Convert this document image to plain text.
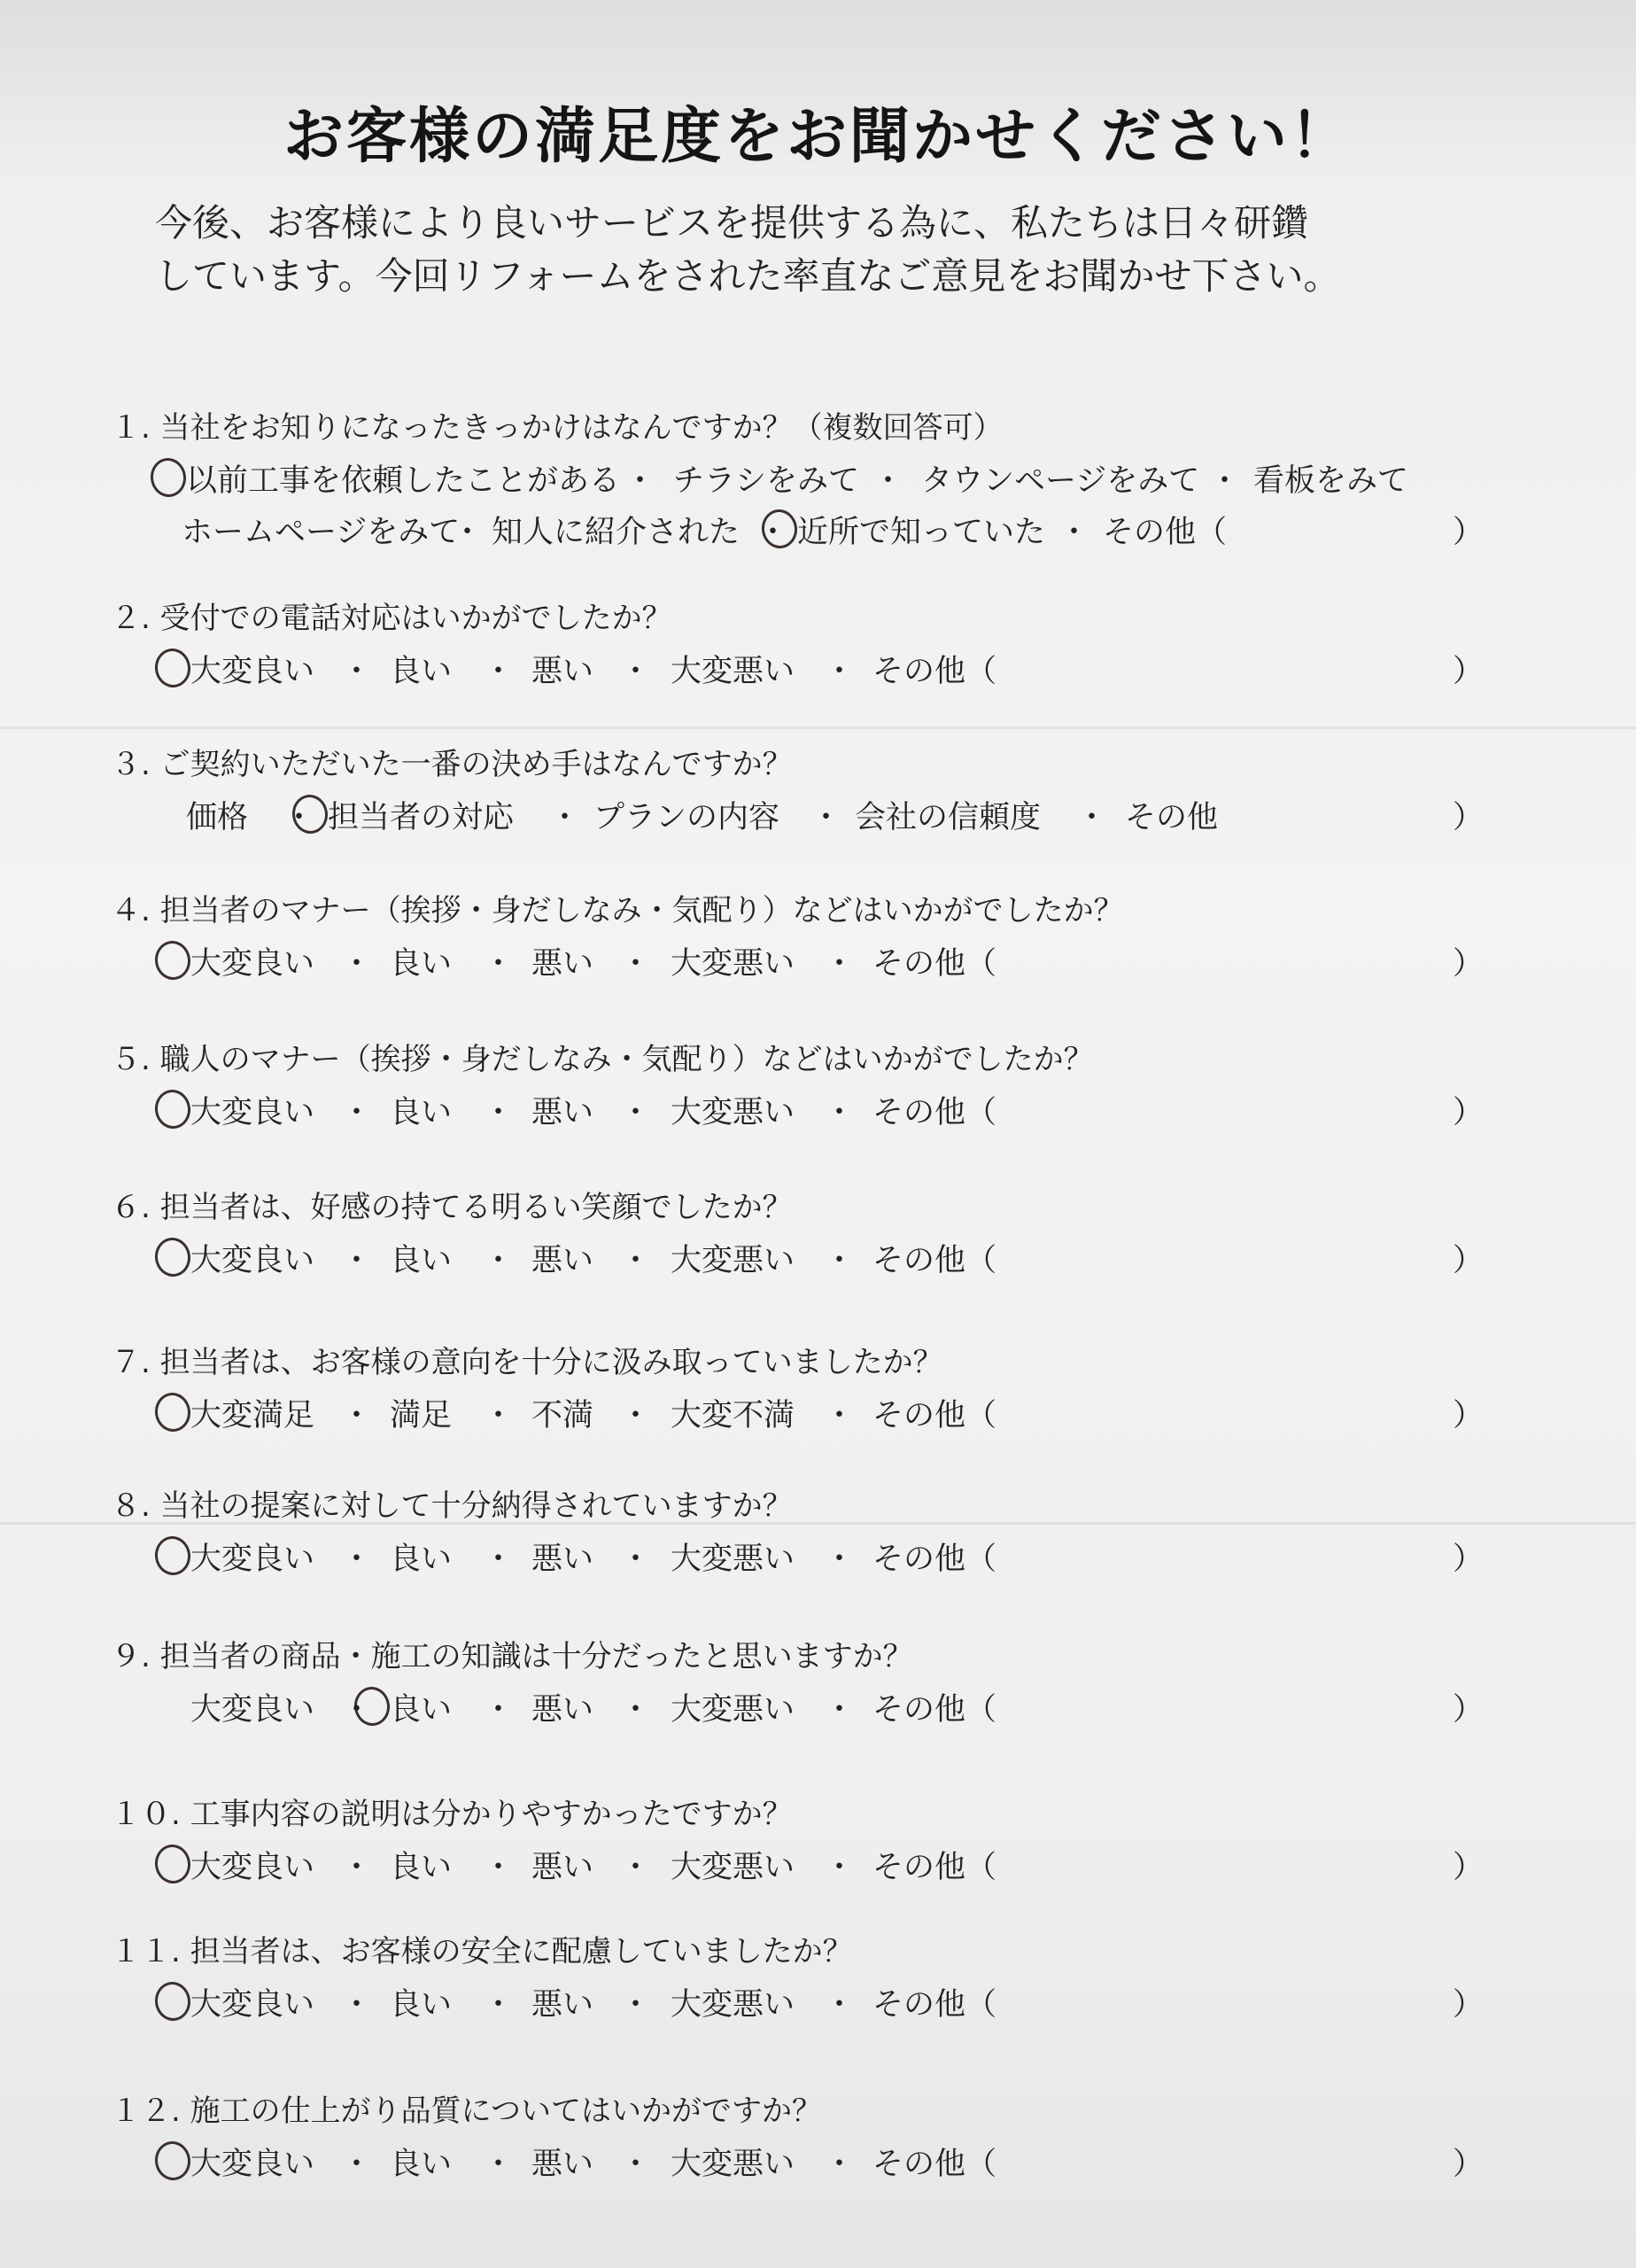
お客様の満足度をお聞かせください！
今後、お客様により良いサービスを提供する為に、私たちは日々研鑽
しています。今回リフォームをされた率直なご意見をお聞かせ下さい。
１. 当社をお知りになったきっかけはなんですか？（複数回答可）
以前工事を依頼したことがある チラシをみて タウンページをみて 看板をみて
・	・	・
ホームページをみて 知人に紹介された 近所で知っていた その他（
・	・	・	）
２. 受付での電話対応はいかがでしたか？
大変良い 良い	悪い 大変悪い	その他（
・	・	・	・	）
３. ご契約いただいた一番の決め手はなんですか？
価格	担当者の対応	プランの内容 会社の信頼度	その他
・	・	・	・	）
４. 担当者のマナー（挨拶・身だしなみ・気配り）などはいかがでしたか？
大変良い 良い	悪い 大変悪い	その他（
・	・	・	・	）
５. 職人のマナー（挨拶・身だしなみ・気配り）などはいかがでしたか？
大変良い 良い	悪い 大変悪い	その他（
・	・	・	・	）
６. 担当者は、好感の持てる明るい笑顔でしたか？
大変良い 良い	悪い 大変悪い	その他（
・	・	・	・	）
７. 担当者は、お客様の意向を十分に汲み取っていましたか？
大変満足 満足	不満 大変不満	その他（
・	・	・	・	）
８. 当社の提案に対して十分納得されていますか？
大変良い 良い	悪い 大変悪い	その他（
・	・	・	・	）
９. 担当者の商品・施工の知識は十分だったと思いますか？
大変良い 良い	悪い 大変悪い	その他（
・	・	・	・	）
１０. 工事内容の説明は分かりやすかったですか？
大変良い 良い	悪い 大変悪い	その他（
・	・	・	・	）
１１. 担当者は、お客様の安全に配慮していましたか？
大変良い 良い	悪い 大変悪い	その他（
・	・	・	・	）
１２. 施工の仕上がり品質についてはいかがですか？
大変良い 良い	悪い 大変悪い	その他（
・	・	・	・	）
